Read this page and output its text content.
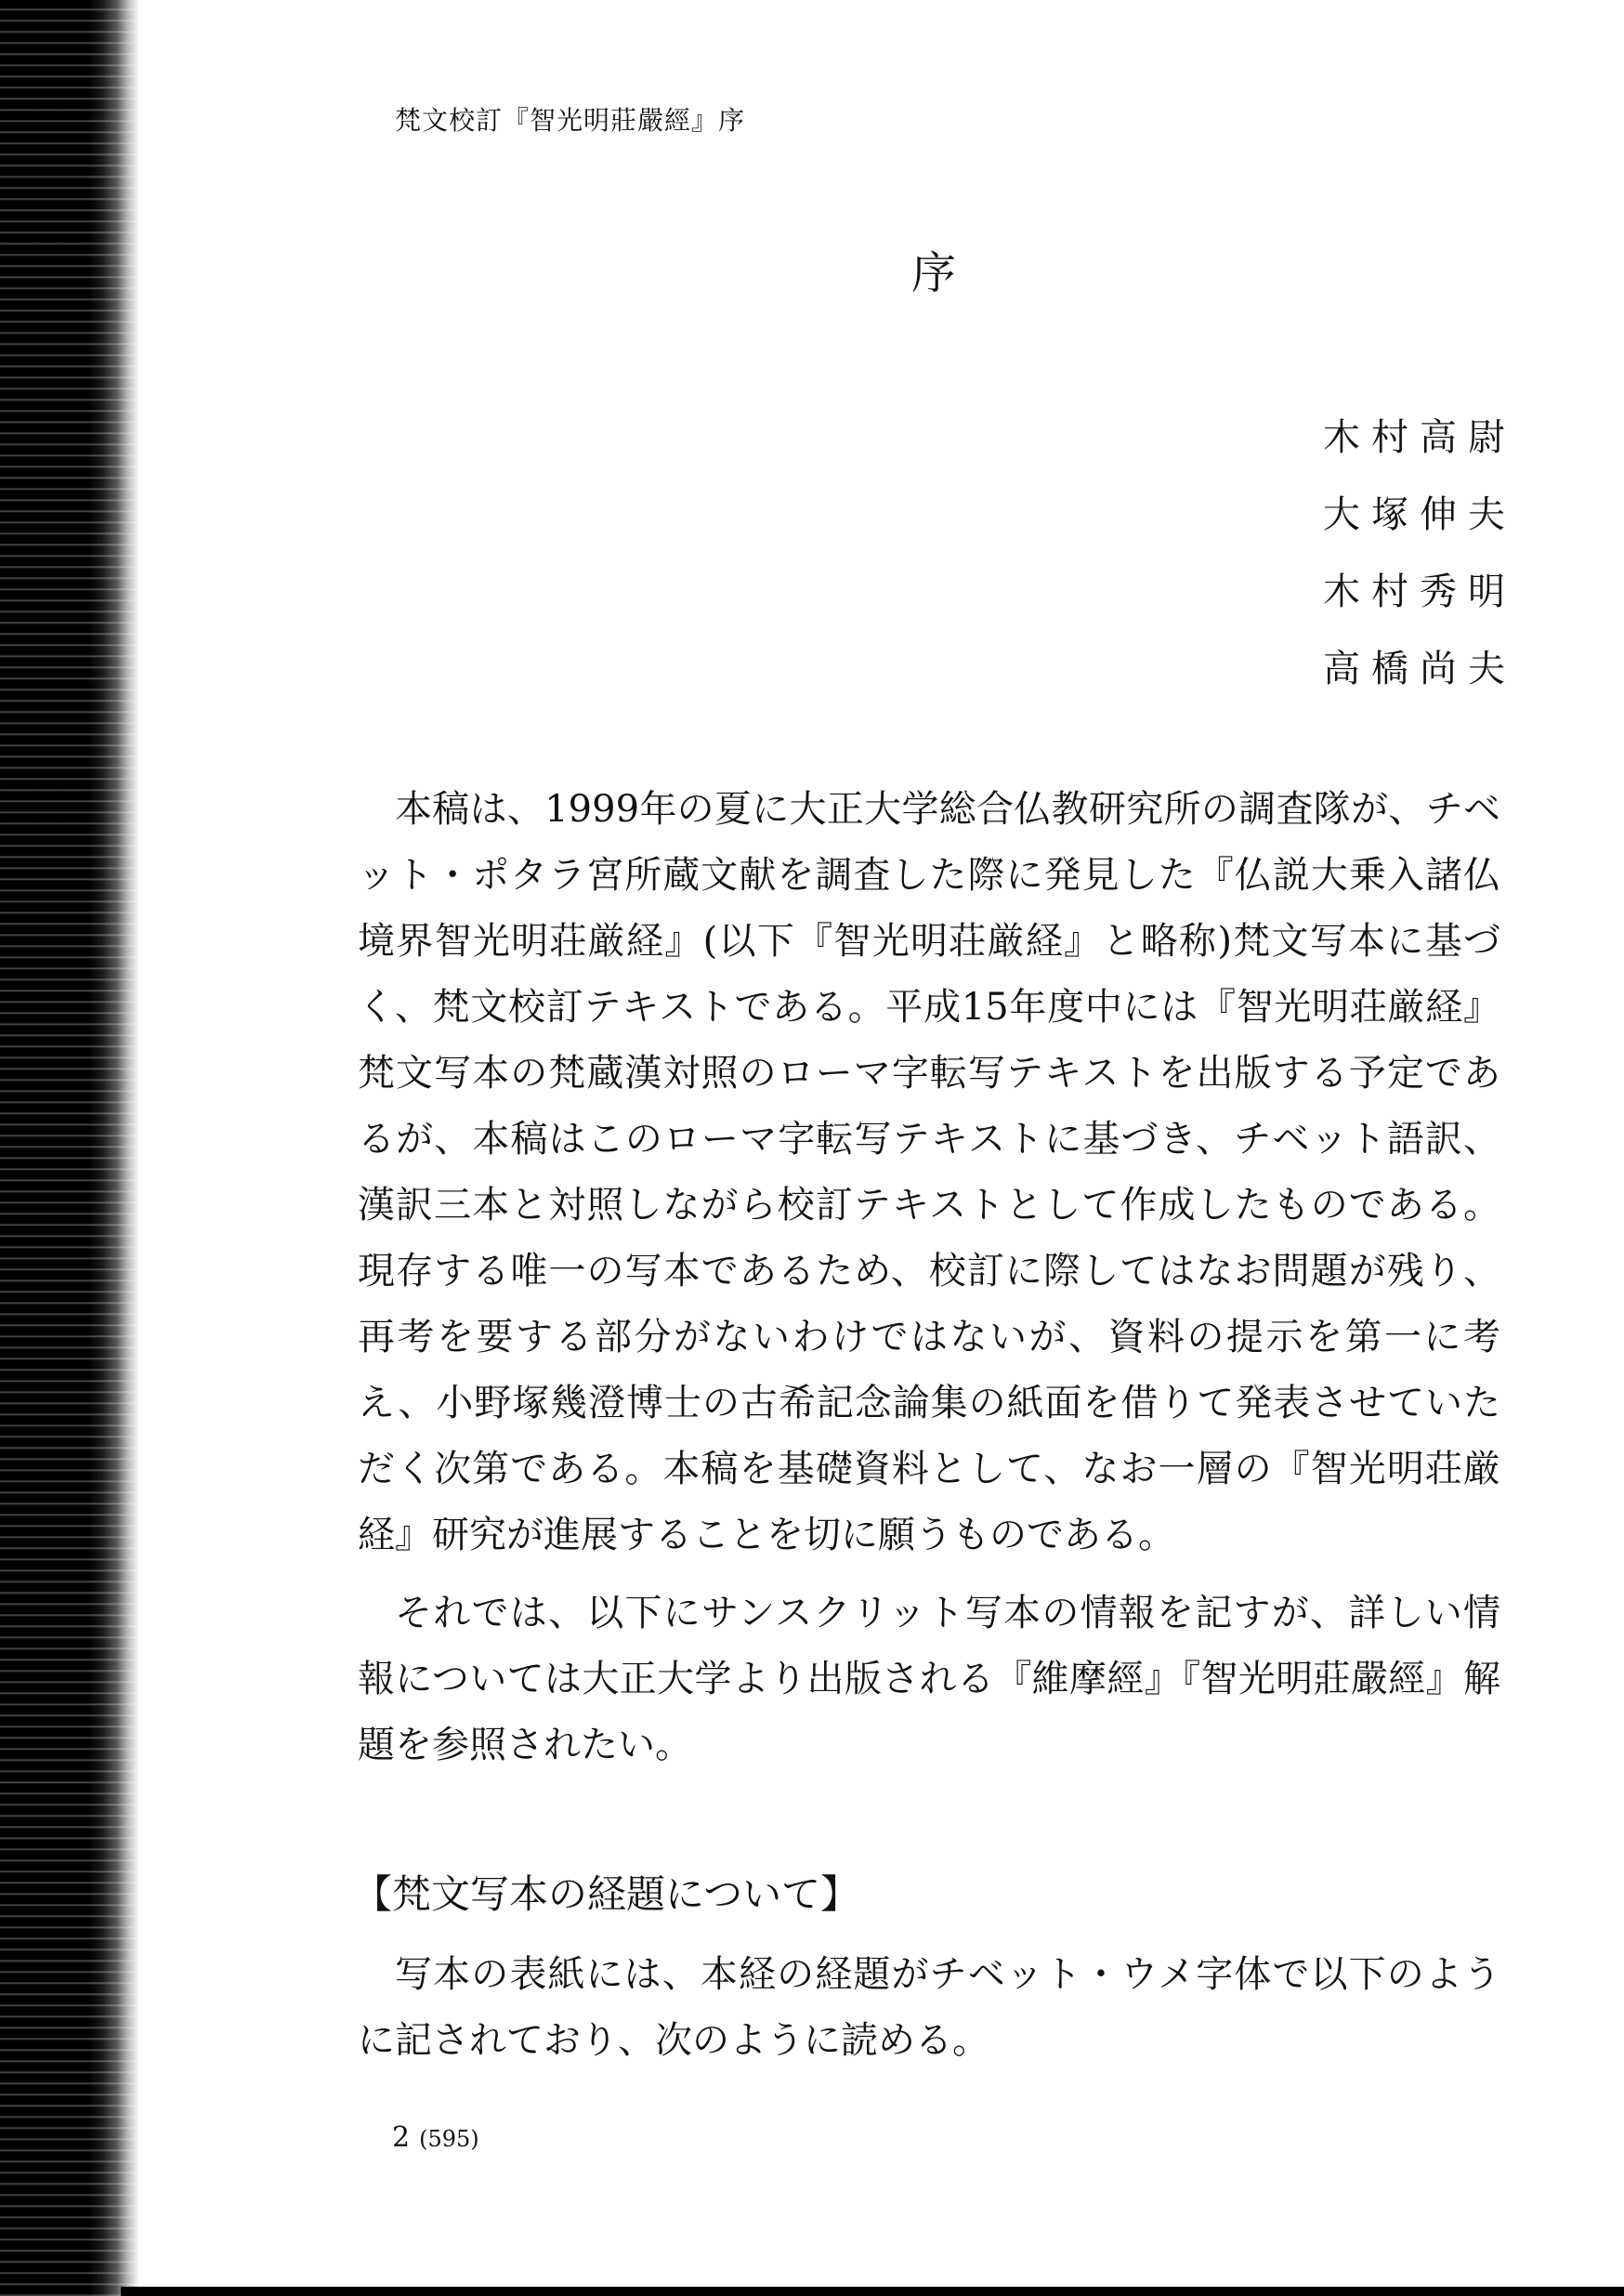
梵文校訂『智光明莊嚴經』序
序
木村高尉
大塚伸夫
木村秀明
高橋尚夫

本稿は、1999年の夏に大正大学総合仏教研究所の調査隊が、チベット・ポタラ宮所蔵文献を調査した際に発見した『仏説大乗入諸仏境界智光明荘厳経』(以下『智光明荘厳経』と略称)梵文写本に基づく、梵文校訂テキストである。平成15年度中には『智光明荘厳経』梵文写本の梵蔵漢対照のローマ字転写テキストを出版する予定であるが、本稿はこのローマ字転写テキストに基づき、チベット語訳、漢訳三本と対照しながら校訂テキストとして作成したものである。現存する唯一の写本であるため、校訂に際してはなお問題が残り、再考を要する部分がないわけではないが、資料の提示を第一に考え、小野塚幾澄博士の古希記念論集の紙面を借りて発表させていただく次第である。本稿を基礎資料として、なお一層の『智光明荘厳経』研究が進展することを切に願うものである。

それでは、以下にサンスクリット写本の情報を記すが、詳しい情報については大正大学より出版される『維摩經』『智光明莊嚴經』解題を参照されたい。

【梵文写本の経題について】

写本の表紙には、本経の経題がチベット・ウメ字体で以下のように記されており、次のように読める。

2 (595)
